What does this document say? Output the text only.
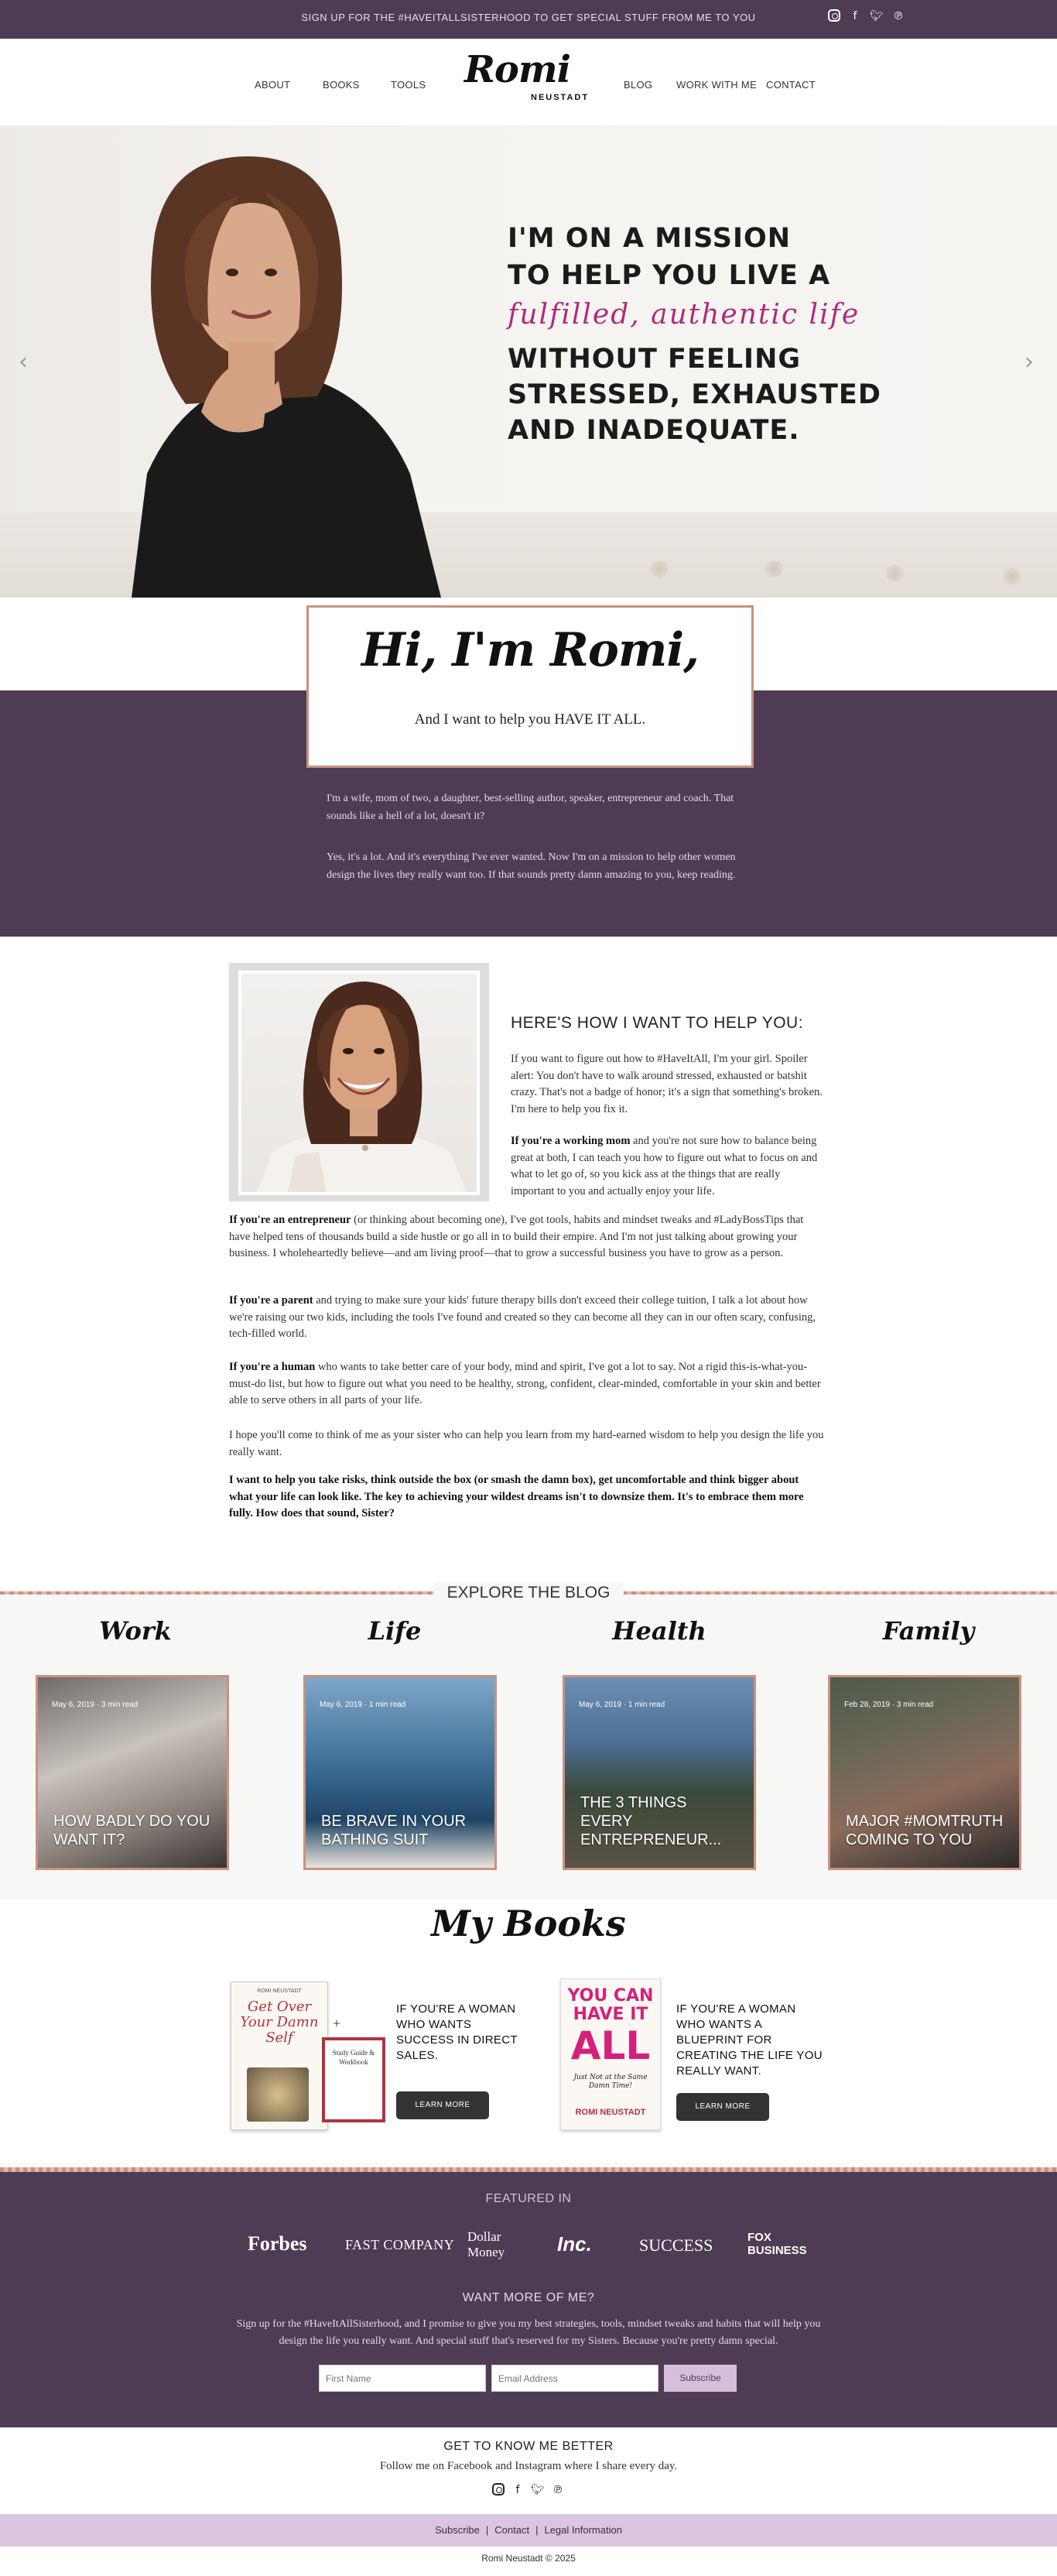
SIGN UP FOR THE #HAVEITALLSISTERHOOD TO GET SPECIAL STUFF FROM ME TO YOU	f	🐦︎ ℗
ABOUT	BOOKS	TOOLS Romi
NEUSTADT
BLOG WORK WITH ME CONTACT
I'M ON A MISSION
TO HELP YOU LIVE A
fulfilled, authentic life
WITHOUT FEELING
STRESSED, EXHAUSTED
AND INADEQUATE.
‹	›
I'm a wife, mom of two, a daughter, best-selling author, speaker, entrepreneur and coach. That sounds like a hell of a lot, doesn't it?
Yes, it's a lot. And it's everything I've ever wanted. Now I'm on a mission to help other women design the lives they really want too. If that sounds pretty damn amazing to you, keep reading.
Hi, I'm Romi,
And I want to help you HAVE IT ALL.
HERE'S HOW I WANT TO HELP YOU:
If you want to figure out how to #HaveItAll, I'm your girl. Spoiler alert: You don't have to walk around stressed, exhausted or batshit crazy. That's not a badge of honor; it's a sign that something's broken. I'm here to help you fix it.
If you're a working mom and you're not sure how to balance being great at both, I can teach you how to figure out what to focus on and what to let go of, so you kick ass at the things that are really important to you and actually enjoy your life.
If you're an entrepreneur (or thinking about becoming one), I've got tools, habits and mindset tweaks and #LadyBossTips that have helped tens of thousands build a side hustle or go all in to build their empire. And I'm not just talking about growing your business. I wholeheartedly believe—and am living proof—that to grow a successful business you have to grow as a person.
If you're a parent and trying to make sure your kids' future therapy bills don't exceed their college tuition, I talk a lot about how we're raising our two kids, including the tools I've found and created so they can become all they can in our often scary, confusing, tech-filled world.
If you're a human who wants to take better care of your body, mind and spirit, I've got a lot to say. Not a rigid this-is-what-you-must-do list, but how to figure out what you need to be healthy, strong, confident, clear-minded, comfortable in your skin and better able to serve others in all parts of your life.
I hope you'll come to think of me as your sister who can help you learn from my hard-earned wisdom to help you design the life you really want.
I want to help you take risks, think outside the box (or smash the damn box), get uncomfortable and think bigger about what your life can look like. The key to achieving your wildest dreams isn't to downsize them. It's to embrace them more fully. How does that sound, Sister?
EXPLORE THE BLOG
Work	Life	Health	Family
May 6, 2019 · 3 min read
HOW BADLY DO YOU WANT IT?
May 6, 2019 · 1 min read
BE BRAVE IN YOUR BATHING SUIT
May 6, 2019 · 1 min read
THE 3 THINGS EVERY ENTREPRENEUR...
Feb 28, 2019 · 3 min read
MAJOR #MOMTRUTH COMING TO YOU
My Books
ROMI NEUSTADT
Get Over Your Damn Self
+
Study Guide & Workbook
IF YOU'RE A WOMAN WHO WANTS SUCCESS IN DIRECT SALES.
LEARN MORE
YOU CAN
HAVE IT
ALL
Just Not at the Same Damn Time!
ROMI NEUSTADT
IF YOU'RE A WOMAN WHO WANTS A BLUEPRINT FOR CREATING THE LIFE YOU REALLY WANT.
LEARN MORE
FEATURED IN
Forbes	FAST COMPANY
Dollar Money	Inc.	SUCCESS	FOX BUSINESS
WANT MORE OF ME?
Sign up for the #HaveItAllSisterhood, and I promise to give you my best strategies, tools, mindset tweaks and habits that will help you design the life you really want. And special stuff that's reserved for my Sisters. Because you're pretty damn special.
First Name
Email Address
Subscribe
GET TO KNOW ME BETTER
Follow me on Facebook and Instagram where I share every day.
f	🐦︎ ℗
Subscribe | Contact | Legal Information
Romi Neustadt © 2025
